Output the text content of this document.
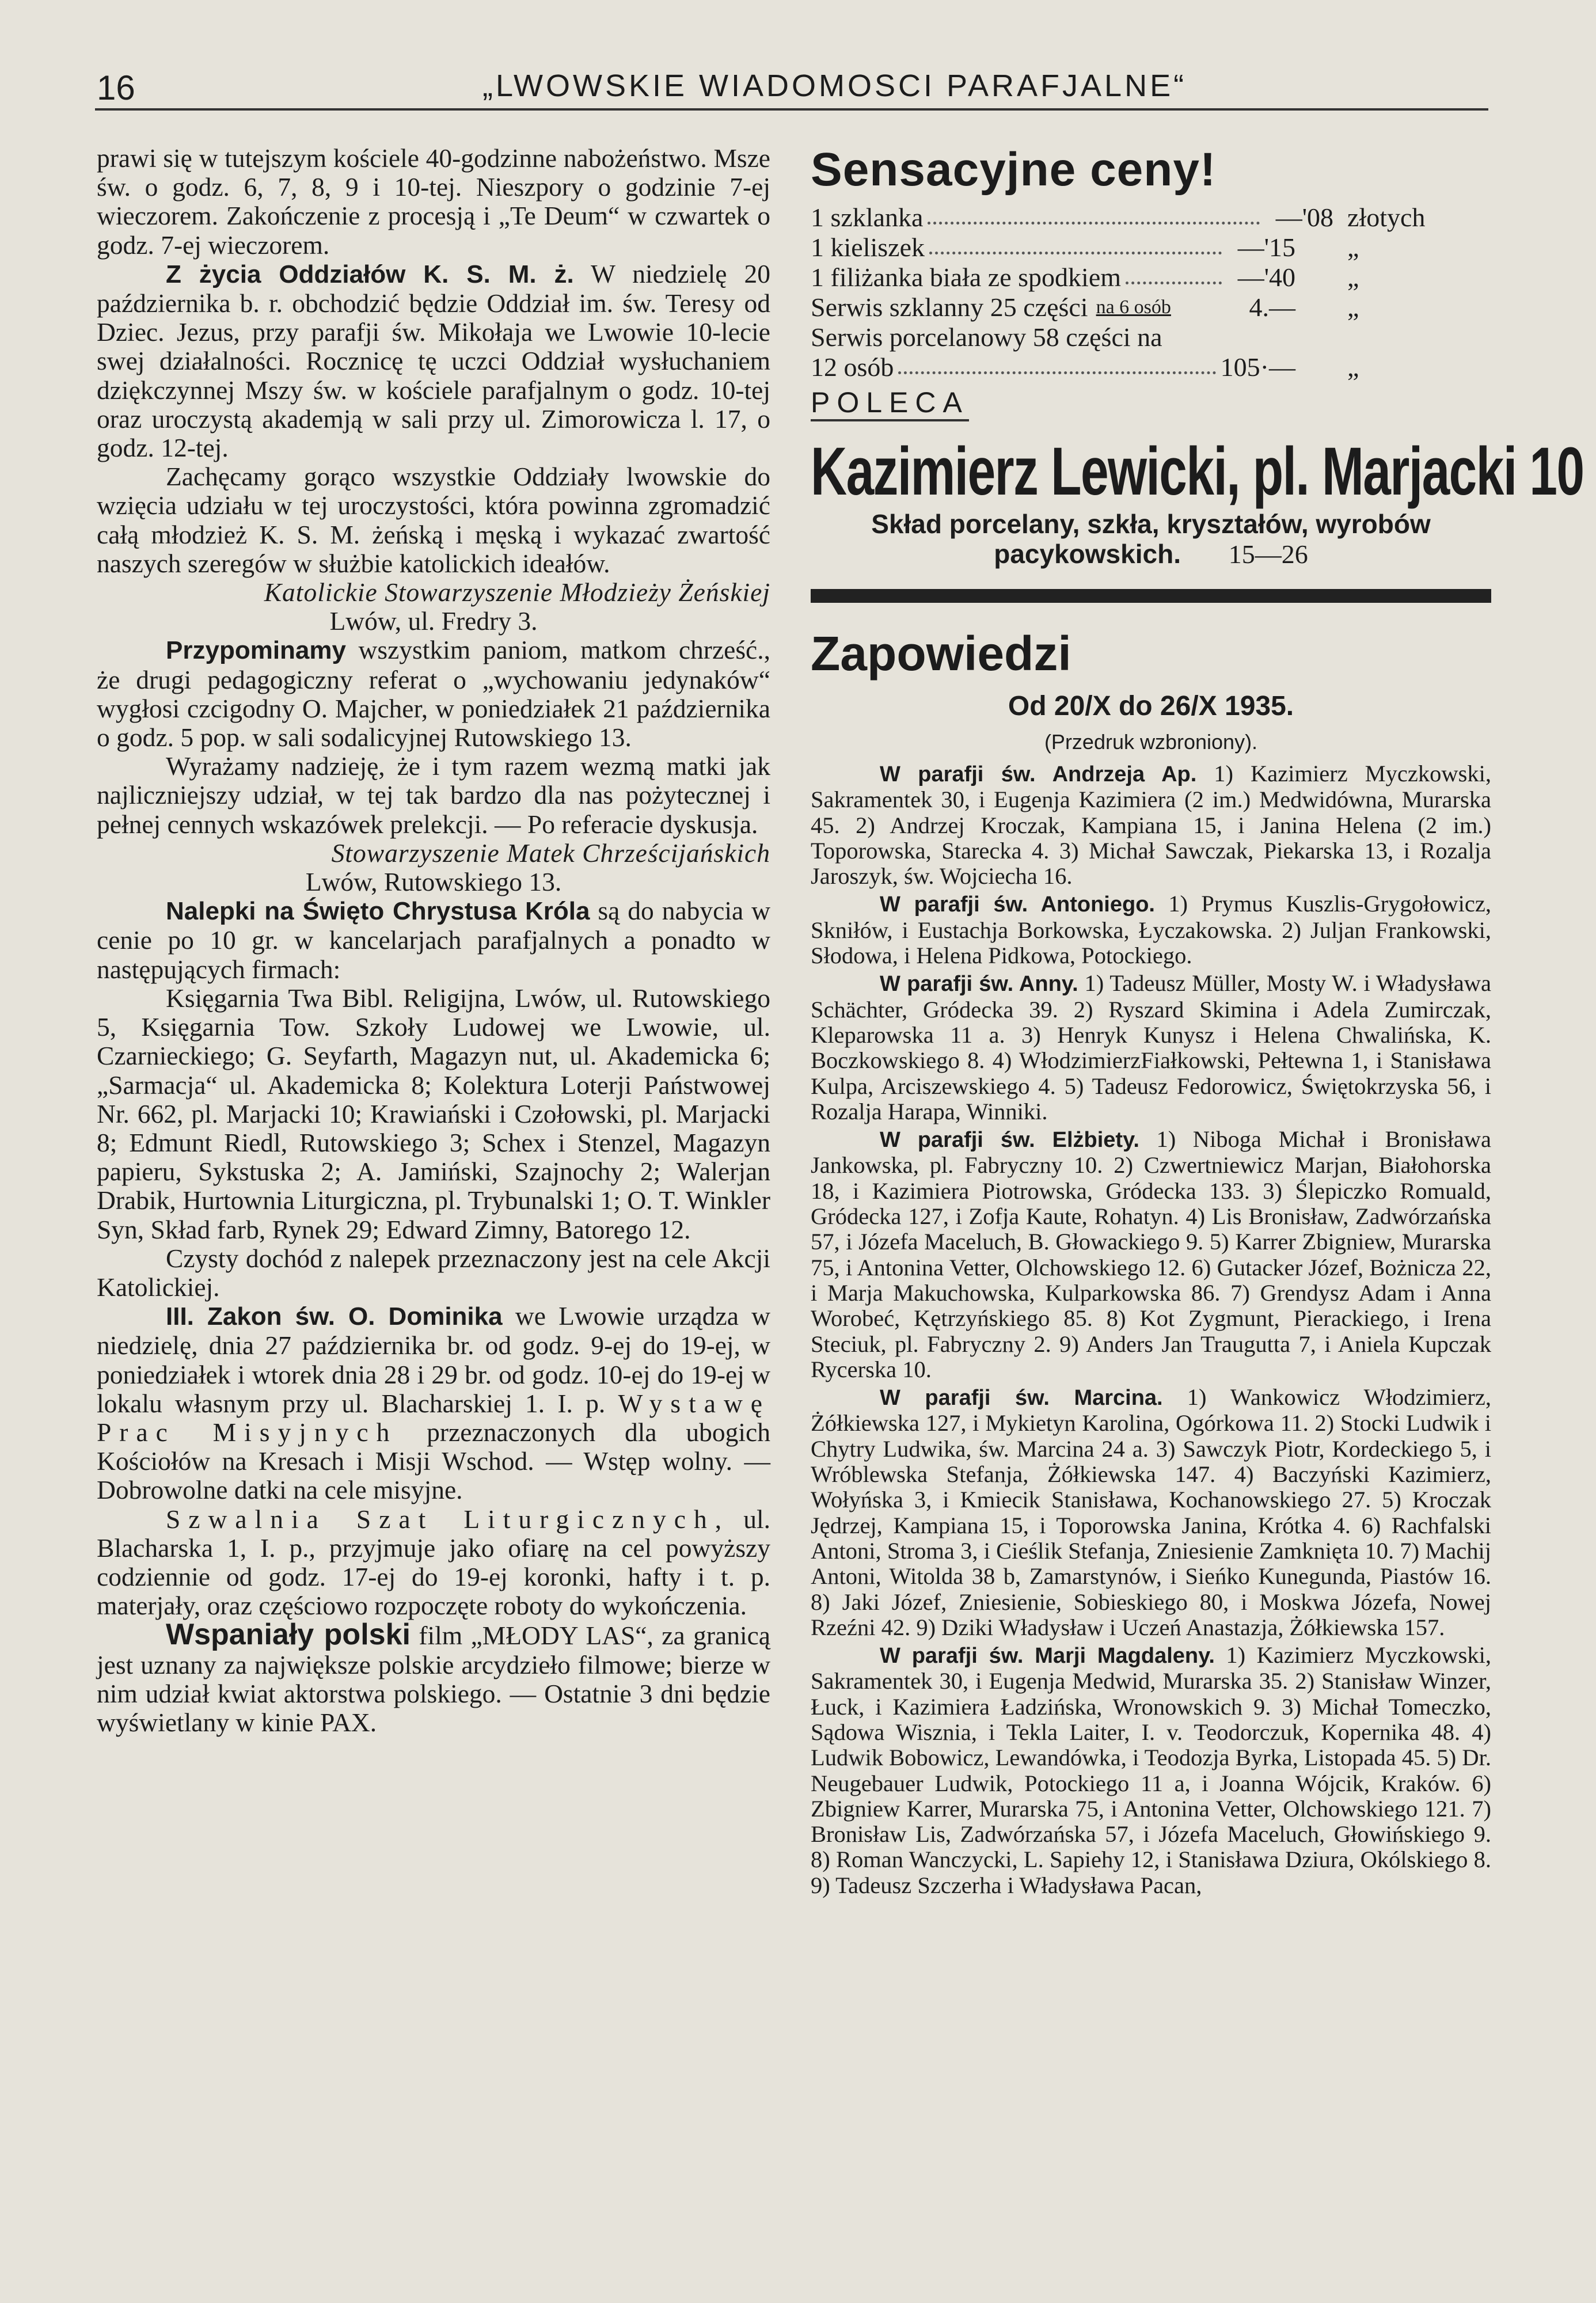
16	„LWOWSKIE WIADOMOSCI PARAFJALNE“

prawi się w tutejszym kościele 40-godzinne nabożeństwo. Msze św. o godz. 6, 7, 8, 9 i 10-tej. Nieszpory o godzinie 7-ej wieczorem. Zakończenie z procesją i „Te Deum“ w czwartek o godz. 7-ej wieczorem.

Z życia Oddziałów K. S. M. ż. W niedzielę 20 października b. r. obchodzić będzie Oddział im. św. Teresy od Dziec. Jezus, przy parafji św. Mikołaja we Lwowie 10-lecie swej działalności. Rocznicę tę uczci Oddział wysłuchaniem dziękczynnej Mszy św. w kościele parafjalnym o godz. 10-tej oraz uroczystą akademją w sali przy ul. Zimorowicza l. 17, o godz. 12-tej.

Zachęcamy gorąco wszystkie Oddziały lwowskie do wzięcia udziału w tej uroczystości, która powinna zgromadzić całą młodzież K. S. M. żeńską i męską i wykazać zwartość naszych szeregów w służbie katolickich ideałów.

Katolickie Stowarzyszenie Młodzieży Żeńskiej

Lwów, ul. Fredry 3.

Przypominamy wszystkim paniom, matkom chrześć., że drugi pedagogiczny referat o „wychowaniu jedynaków“ wygłosi czcigodny O. Majcher, w poniedziałek 21 października o godz. 5 pop. w sali sodalicyjnej Rutowskiego 13.

Wyrażamy nadzieję, że i tym razem wezmą matki jak najliczniejszy udział, w tej tak bardzo dla nas pożytecznej i pełnej cennych wskazówek prelekcji. — Po referacie dyskusja.

Stowarzyszenie Matek Chrześcijańskich

Lwów, Rutowskiego 13.

Nalepki na Święto Chrystusa Króla są do nabycia w cenie po 10 gr. w kancelarjach parafjalnych a ponadto w następujących firmach:

Księgarnia Twa Bibl. Religijna, Lwów, ul. Rutowskiego 5, Księgarnia Tow. Szkoły Ludowej we Lwowie, ul. Czarnieckiego; G. Seyfarth, Magazyn nut, ul. Akademicka 6; „Sarmacja“ ul. Akademicka 8; Kolektura Loterji Państwowej Nr. 662, pl. Marjacki 10; Krawiański i Czołowski, pl. Marjacki 8; Edmunt Riedl, Rutowskiego 3; Schex i Stenzel, Magazyn papieru, Sykstuska 2; A. Jamiński, Szajnochy 2; Walerjan Drabik, Hurtownia Liturgiczna, pl. Trybunalski 1; O. T. Winkler Syn, Skład farb, Rynek 29; Edward Zimny, Batorego 12.

Czysty dochód z nalepek przeznaczony jest na cele Akcji Katolickiej.

III. Zakon św. O. Dominika we Lwowie urządza w niedzielę, dnia 27 października br. od godz. 9-ej do 19-ej, w poniedziałek i wtorek dnia 28 i 29 br. od godz. 10-ej do 19-ej w lokalu własnym przy ul. Blacharskiej 1. I. p. Wystawę Prac Misyjnych przeznaczonych dla ubogich Kościołów na Kresach i Misji Wschod. — Wstęp wolny. — Dobrowolne datki na cele misyjne.

Szwalnia Szat Liturgicznych, ul. Blacharska 1, I. p., przyjmuje jako ofiarę na cel powyższy codziennie od godz. 17-ej do 19-ej koronki, hafty i t. p. materjały, oraz częściowo rozpoczęte roboty do wykończenia.

Wspaniały polski film „MŁODY LAS“, za granicą jest uznany za największe polskie arcydzieło filmowe; bierze w nim udział kwiat aktorstwa polskiego. — Ostatnie 3 dni będzie wyświetlany w kinie PAX.

Sensacyjne ceny!
1 szklanka	—'08 złotych
1 kieliszek	—'15	„
1 filiżanka biała ze spodkiem	—'40	„
Serwis szklanny 25 części na 6 osób	4.—	„
Serwis porcelanowy 58 części na
12 osób	105·—	„
POLECA
Kazimierz Lewicki, pl. Marjacki 10
Skład porcelany, szkła, kryształów, wyrobów pacykowskich. 15—26
Zapowiedzi
Od 20/X do 26/X 1935.
(Przedruk wzbroniony).

W parafji św. Andrzeja Ap. 1) Kazimierz Myczkowski, Sakramentek 30, i Eugenja Kazimiera (2 im.) Medwidówna, Murarska 45. 2) Andrzej Kroczak, Kampiana 15, i Janina Helena (2 im.) Toporowska, Starecka 4. 3) Michał Sawczak, Piekarska 13, i Rozalja Jaroszyk, św. Wojciecha 16.

W parafji św. Antoniego. 1) Prymus Kuszlis-Grygołowicz, Skniłów, i Eustachja Borkowska, Łyczakowska. 2) Juljan Frankowski, Słodowa, i Helena Pidkowa, Potockiego.

W parafji św. Anny. 1) Tadeusz Müller, Mosty W. i Władysława Schächter, Gródecka 39. 2) Ryszard Skimina i Adela Zumirczak, Kleparowska 11 a. 3) Henryk Kunysz i Helena Chwalińska, K. Boczkowskiego 8. 4) WłodzimierzFiałkowski, Pełtewna 1, i Stanisława Kulpa, Arciszewskiego 4. 5) Tadeusz Fedorowicz, Świętokrzyska 56, i Rozalja Harapa, Winniki.

W parafji św. Elżbiety. 1) Niboga Michał i Bronisława Jankowska, pl. Fabryczny 10. 2) Czwertniewicz Marjan, Białohorska 18, i Kazimiera Piotrowska, Gródecka 133. 3) Ślepiczko Romuald, Gródecka 127, i Zofja Kaute, Rohatyn. 4) Lis Bronisław, Zadwórzańska 57, i Józefa Maceluch, B. Głowackiego 9. 5) Karrer Zbigniew, Murarska 75, i Antonina Vetter, Olchowskiego 12. 6) Gutacker Józef, Bożnicza 22, i Marja Makuchowska, Kulparkowska 86. 7) Grendysz Adam i Anna Worobeć, Kętrzyńskiego 85. 8) Kot Zygmunt, Pierackiego, i Irena Steciuk, pl. Fabryczny 2. 9) Anders Jan Traugutta 7, i Aniela Kupczak Rycerska 10.

W parafji św. Marcina. 1) Wankowicz Włodzimierz, Żółkiewska 127, i Mykietyn Karolina, Ogórkowa 11. 2) Stocki Ludwik i Chytry Ludwika, św. Marcina 24 a. 3) Sawczyk Piotr, Kordeckiego 5, i Wróblewska Stefanja, Żółkiewska 147. 4) Baczyński Kazimierz, Wołyńska 3, i Kmiecik Stanisława, Kochanowskiego 27. 5) Kroczak Jędrzej, Kampiana 15, i Toporowska Janina, Krótka 4. 6) Rachfalski Antoni, Stroma 3, i Cieślik Stefanja, Zniesienie Zamknięta 10. 7) Machij Antoni, Witolda 38 b, Zamarstynów, i Sieńko Kunegunda, Piastów 16. 8) Jaki Józef, Zniesienie, Sobieskiego 80, i Moskwa Józefa, Nowej Rzeźni 42. 9) Dziki Władysław i Uczeń Anastazja, Żółkiewska 157.

W parafji św. Marji Magdaleny. 1) Kazimierz Myczkowski, Sakramentek 30, i Eugenja Medwid, Murarska 35. 2) Stanisław Winzer, Łuck, i Kazimiera Ładzińska, Wronowskich 9. 3) Michał Tomeczko, Sądowa Wisznia, i Tekla Laiter, I. v. Teodorczuk, Kopernika 48. 4) Ludwik Bobowicz, Lewandówka, i Teodozja Byrka, Listopada 45. 5) Dr. Neugebauer Ludwik, Potockiego 11 a, i Joanna Wójcik, Kraków. 6) Zbigniew Karrer, Murarska 75, i Antonina Vetter, Olchowskiego 121. 7) Bronisław Lis, Zadwórzańska 57, i Józefa Maceluch, Głowińskiego 9. 8) Roman Wanczycki, L. Sapiehy 12, i Stanisława Dziura, Okólskiego 8. 9) Tadeusz Szczerha i Władysława Pacan,
